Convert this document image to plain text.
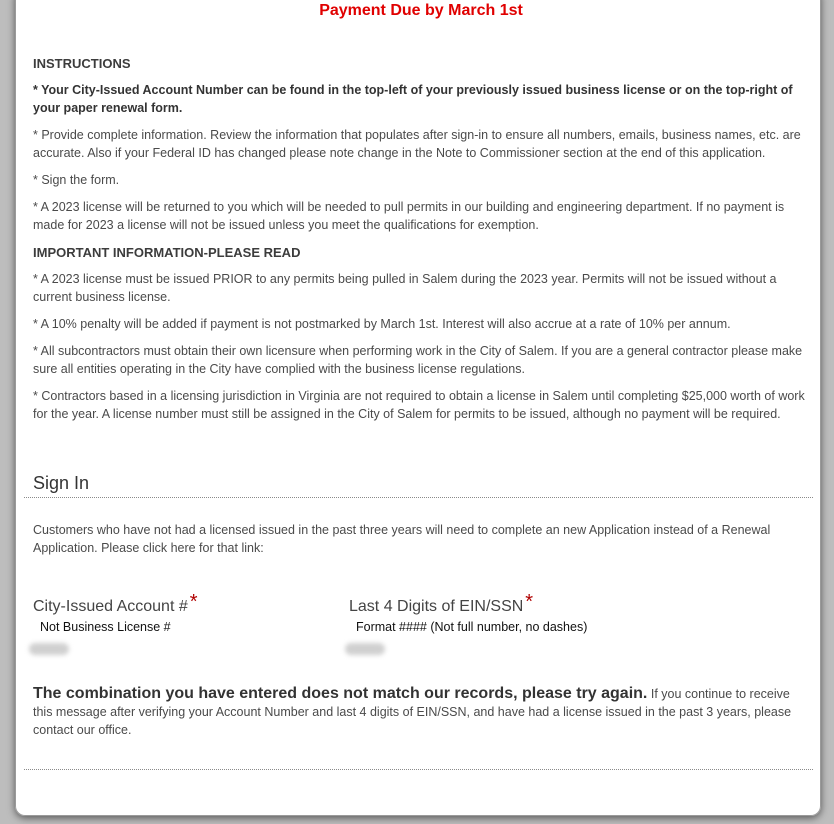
Payment Due by March 1st
INSTRUCTIONS

* Your City-Issued Account Number can be found in the top-left of your previously issued business license or on the top-right of your paper renewal form.

* Provide complete information. Review the information that populates after sign-in to ensure all numbers, emails, business names, etc. are accurate. Also if your Federal ID has changed please note change in the Note to Commissioner section at the end of this application.

* Sign the form.

* A 2023 license will be returned to you which will be needed to pull permits in our building and engineering department. If no payment is made for 2023 a license will not be issued unless you meet the qualifications for exemption.

IMPORTANT INFORMATION-PLEASE READ

* A 2023 license must be issued PRIOR to any permits being pulled in Salem during the 2023 year. Permits will not be issued without a current business license.

* A 10% penalty will be added if payment is not postmarked by March 1st. Interest will also accrue at a rate of 10% per annum.

* All subcontractors must obtain their own licensure when performing work in the City of Salem. If you are a general contractor please make sure all entities operating in the City have complied with the business license regulations.

* Contractors based in a licensing jurisdiction in Virginia are not required to obtain a license in Salem until completing $25,000 worth of work for the year. A license number must still be assigned in the City of Salem for permits to be issued, although no payment will be required.

Sign In

Customers who have not had a licensed issued in the past three years will need to complete an new Application instead of a Renewal Application. Please click here for that link:

City-Issued Account # *
Not Business License #
Last 4 Digits of EIN/SSN *
Format #### (Not full number, no dashes)

The combination you have entered does not match our records, please try again. If you continue to receive this message after verifying your Account Number and last 4 digits of EIN/SSN, and have had a license issued in the past 3 years, please contact our office.
